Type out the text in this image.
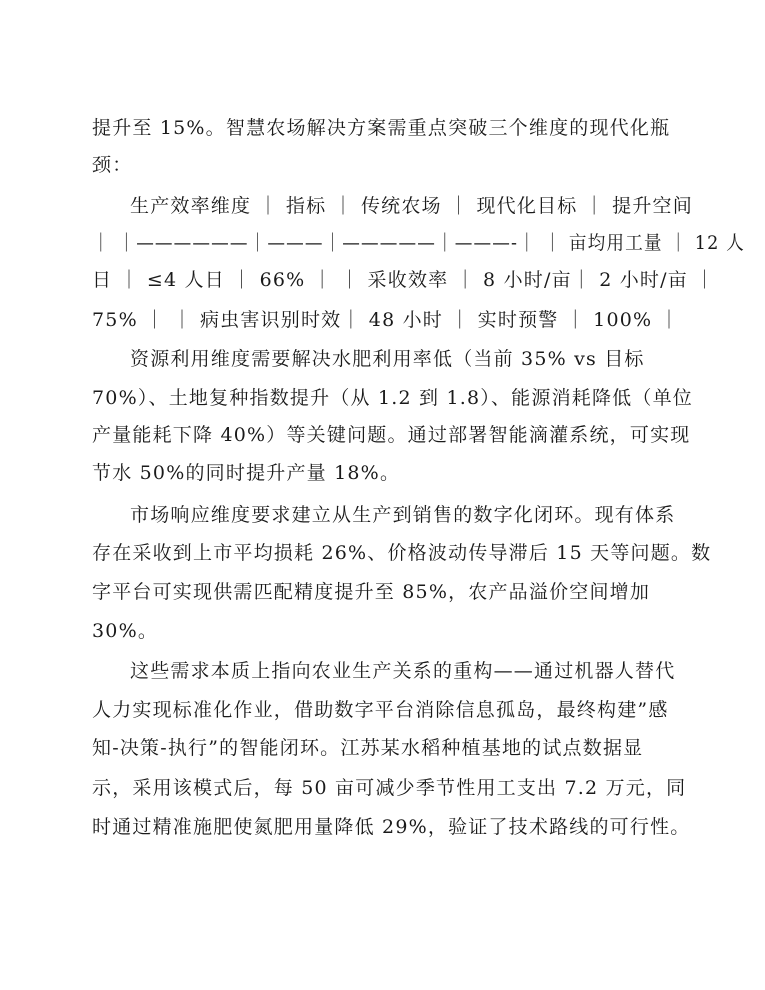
提升至 15%。智慧农场解决方案需重点突破三个维度的现代化瓶
颈：
生产效率维度 ｜ 指标 ｜ 传统农场 ｜ 现代化目标 ｜ 提升空间
｜ ｜——————｜———｜—————｜———-｜ ｜ 亩均用工量 ｜ 12 人
日 ｜ ≤4 人日 ｜ 66% ｜ ｜ 采收效率 ｜ 8 小时/亩｜ 2 小时/亩 ｜
75% ｜ ｜ 病虫害识别时效｜ 48 小时 ｜ 实时预警 ｜ 100% ｜
资源利用维度需要解决水肥利用率低（当前 35% vs 目标
70%）、土地复种指数提升（从 1.2 到 1.8）、能源消耗降低（单位
产量能耗下降 40%）等关键问题。通过部署智能滴灌系统，可实现
节水 50%的同时提升产量 18%。
市场响应维度要求建立从生产到销售的数字化闭环。现有体系
存在采收到上市平均损耗 26%、价格波动传导滞后 15 天等问题。数
字平台可实现供需匹配精度提升至 85%，农产品溢价空间增加
30%。
这些需求本质上指向农业生产关系的重构——通过机器人替代
人力实现标准化作业，借助数字平台消除信息孤岛，最终构建”感
知-决策-执行”的智能闭环。江苏某水稻种植基地的试点数据显
示，采用该模式后，每 50 亩可减少季节性用工支出 7.2 万元，同
时通过精准施肥使氮肥用量降低 29%，验证了技术路线的可行性。
